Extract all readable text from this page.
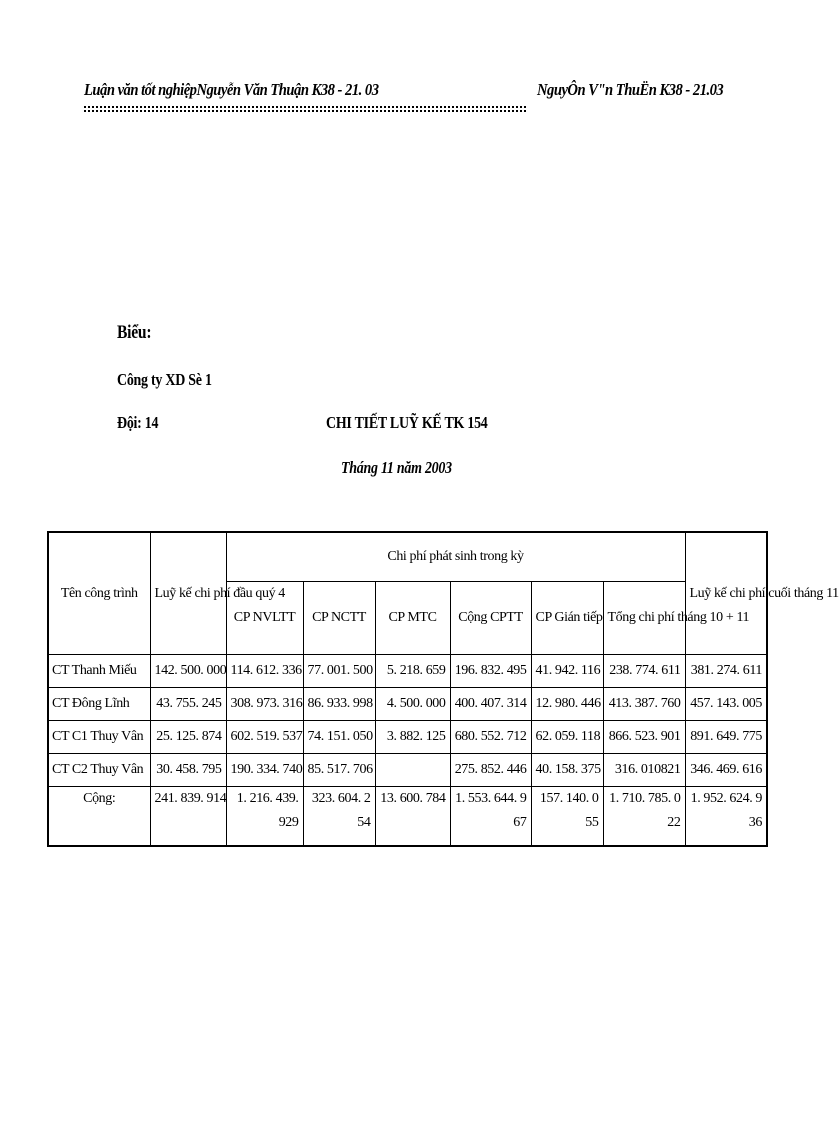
Luận văn tốt nghiệpNguyễn Văn Thuận K38 - 21. 03	NguyÔn V"n ThuËn K38 - 21.03
Biểu:
Công ty XD Sè 1
Đội: 14	CHI TIẾT LUỸ KẾ TK 154
Tháng 11 năm 2003
Tên công trình	Luỹ kế chi phí đầu quý 4	Chi phí phát sinh trong kỳ						Luỹ kế chi phí cuối tháng 11
		CP NVLTT	CP NCTT	CP MTC	Cộng CPTT	CP Gián tiếp	Tổng chi phí tháng 10 + 11	
CT Thanh Miếu	142. 500. 000	114. 612. 336	77. 001. 500	5. 218. 659	196. 832. 495	41. 942. 116	238. 774. 611	381. 274. 611
CT Đông Lĩnh	43. 755. 245	308. 973. 316	86. 933. 998	4. 500. 000	400. 407. 314	12. 980. 446	413. 387. 760	457. 143. 005
CT C1 Thuy Vân	25. 125. 874	602. 519. 537	74. 151. 050	3. 882. 125	680. 552. 712	62. 059. 118	866. 523. 901	891. 649. 775
CT C2 Thuy Vân	30. 458. 795	190. 334. 740	85. 517. 706		275. 852. 446	40. 158. 375	316. 010821	346. 469. 616
Cộng:	241. 839. 914	1. 216. 439. 929	323. 604. 254	13. 600. 784	1. 553. 644. 967	157. 140. 055	1. 710. 785. 022	1. 952. 624. 936
